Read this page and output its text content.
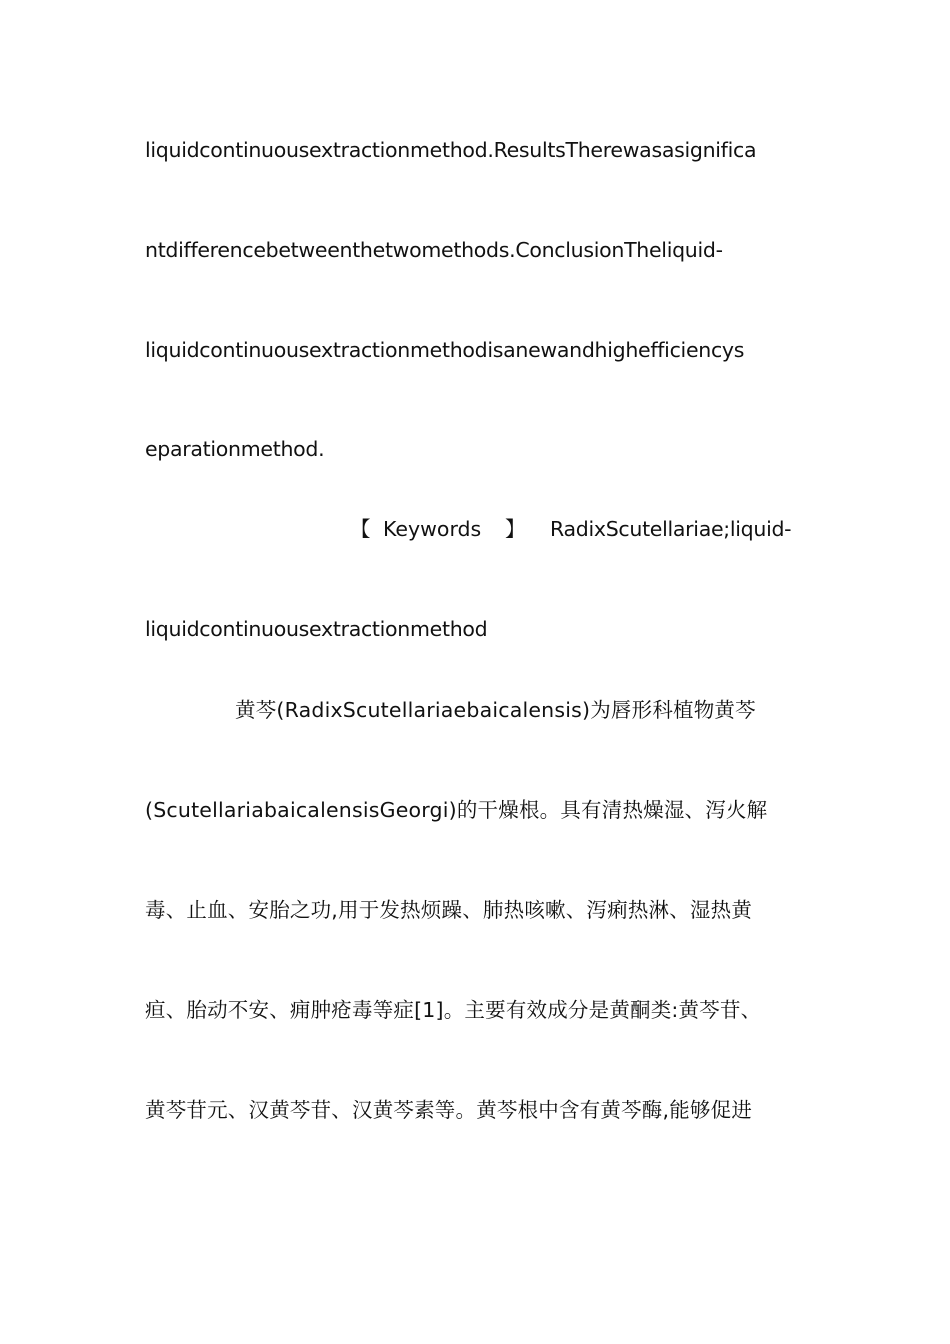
liquidcontinuousextractionmethod.ResultsTherewasasignifica
ntdifferencebetweenthetwomethods.ConclusionTheliquid-
liquidcontinuousextractionmethodisanewandhighefficiencys
eparationmethod.
【 Keywords 】 RadixScutellariae;liquid-
liquidcontinuousextractionmethod
黄芩(RadixScutellariaebaicalensis)为唇形科植物黄芩
(ScutellariabaicalensisGeorgi)的干燥根。具有清热燥湿、泻火解
毒、止血、安胎之功,用于发热烦躁、肺热咳嗽、泻痢热淋、湿热黄
疸、胎动不安、痈肿疮毒等症[1]。主要有效成分是黄酮类:黄芩苷、
黄芩苷元、汉黄芩苷、汉黄芩素等。黄芩根中含有黄芩酶,能够促进
